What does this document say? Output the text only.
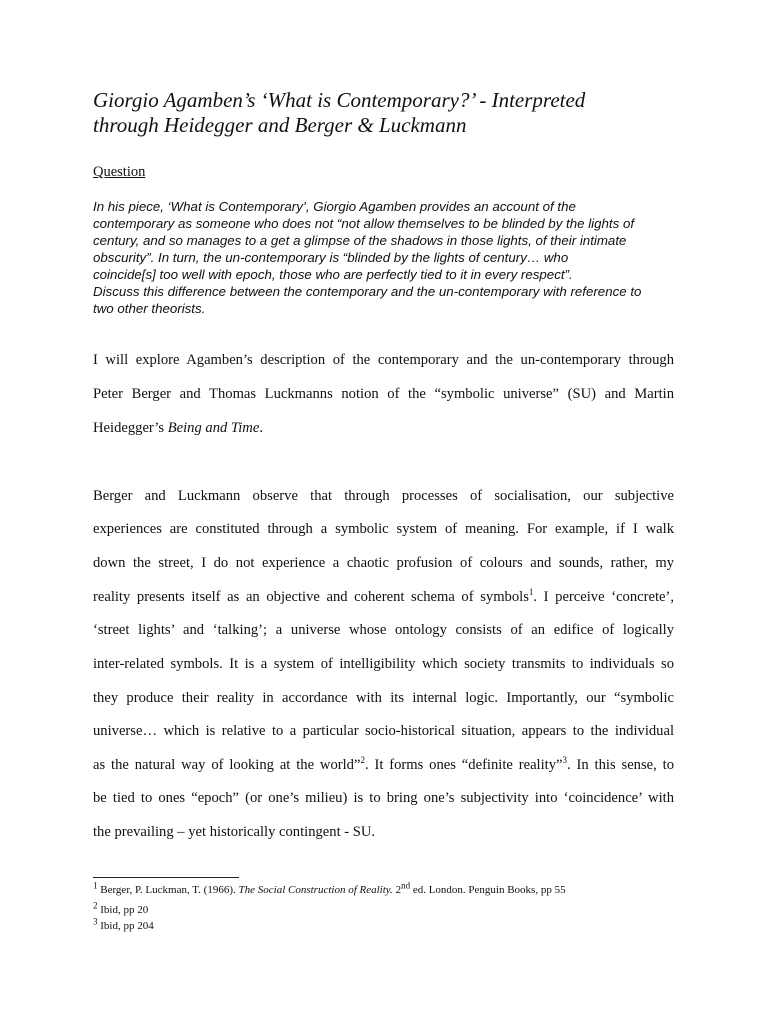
Giorgio Agamben’s ‘What is Contemporary?’ - Interpreted
through Heidegger and Berger & Luckmann
Question
In his piece, ‘What is Contemporary’, Giorgio Agamben provides an account of the
contemporary as someone who does not “not allow themselves to be blinded by the lights of
century, and so manages to a get a glimpse of the shadows in those lights, of their intimate
obscurity”. In turn, the un-contemporary is “blinded by the lights of century… who
coincide[s] too well with epoch, those who are perfectly tied to it in every respect”.
Discuss this difference between the contemporary and the un-contemporary with reference to
two other theorists.
I will explore Agamben’s description of the contemporary and the un-contemporary through
Peter Berger and Thomas Luckmanns notion of the “symbolic universe” (SU) and Martin
Heidegger’s Being and Time.
Berger and Luckmann observe that through processes of socialisation, our subjective
experiences are constituted through a symbolic system of meaning. For example, if I walk
down the street, I do not experience a chaotic profusion of colours and sounds, rather, my
reality presents itself as an objective and coherent schema of symbols$^1$. I perceive ‘concrete’,
‘street lights’ and ‘talking’; a universe whose ontology consists of an edifice of logically
inter-related symbols. It is a system of intelligibility which society transmits to individuals so
they produce their reality in accordance with its internal logic. Importantly, our “symbolic
universe… which is relative to a particular socio-historical situation, appears to the individual
as the natural way of looking at the world”$^2$. It forms ones “definite reality”$^3$. In this sense, to
be tied to ones “epoch” (or one’s milieu) is to bring one’s subjectivity into ‘coincidence’ with
the prevailing – yet historically contingent - SU.
$^1$ Berger, P. Luckman, T. (1966). The Social Construction of Reality. 2nd ed. London. Penguin Books, pp 55
$^2$ Ibid, pp 20
$^3$ Ibid, pp 204
